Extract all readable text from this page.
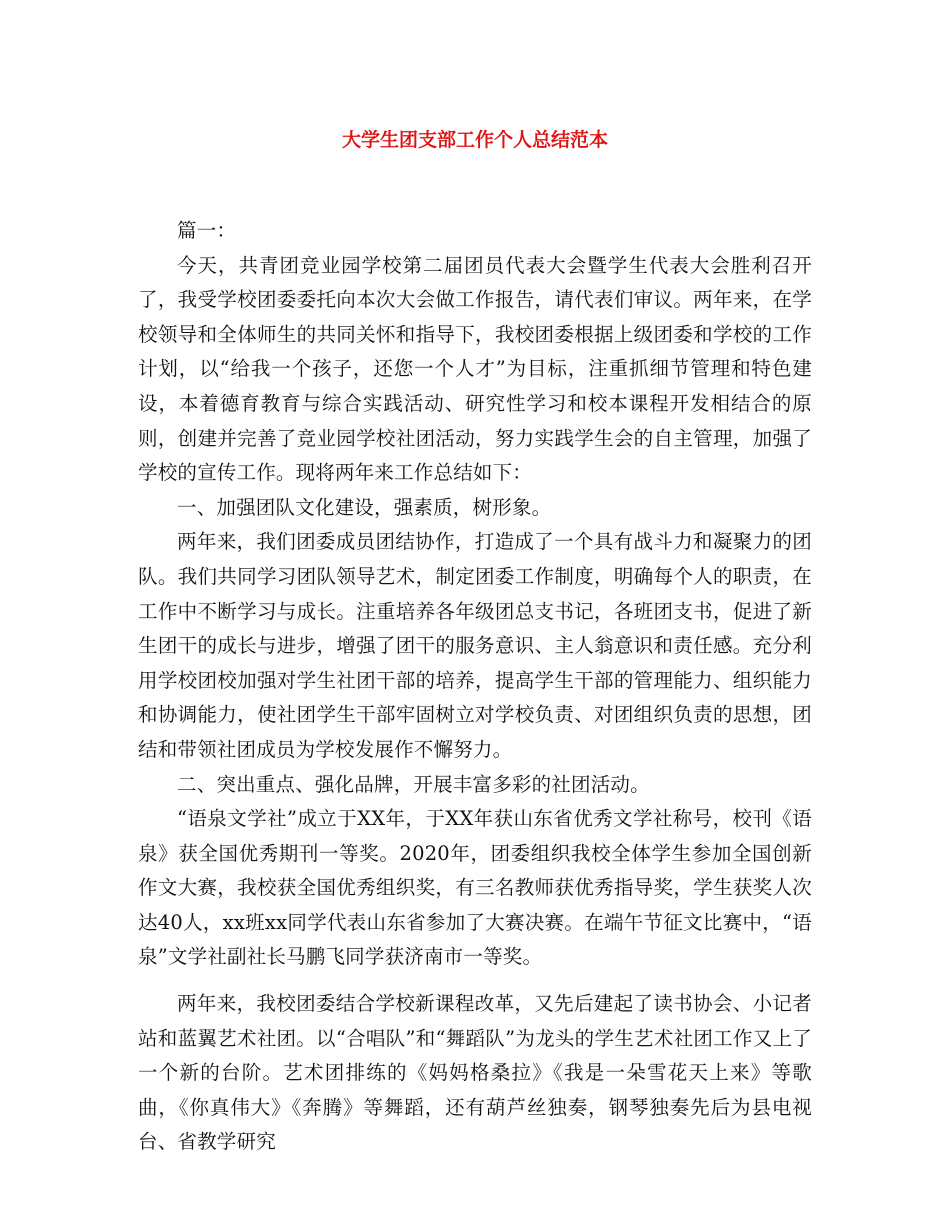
大学生团支部工作个人总结范本

篇一：

今天，共青团竞业园学校第二届团员代表大会暨学生代表大会胜利召开了，我受学校团委委托向本次大会做工作报告，请代表们审议。两年来，在学校领导和全体师生的共同关怀和指导下，我校团委根据上级团委和学校的工作计划，以“给我一个孩子，还您一个人才”为目标，注重抓细节管理和特色建设，本着德育教育与综合实践活动、研究性学习和校本课程开发相结合的原则，创建并完善了竞业园学校社团活动，努力实践学生会的自主管理，加强了学校的宣传工作。现将两年来工作总结如下：

一、加强团队文化建设，强素质，树形象。

两年来，我们团委成员团结协作，打造成了一个具有战斗力和凝聚力的团队。我们共同学习团队领导艺术，制定团委工作制度，明确每个人的职责，在工作中不断学习与成长。注重培养各年级团总支书记，各班团支书，促进了新生团干的成长与进步，增强了团干的服务意识、主人翁意识和责任感。充分利用学校团校加强对学生社团干部的培养，提高学生干部的管理能力、组织能力和协调能力，使社团学生干部牢固树立对学校负责、对团组织负责的思想，团结和带领社团成员为学校发展作不懈努力。

二、突出重点、强化品牌，开展丰富多彩的社团活动。

“语泉文学社”成立于XX年，于XX年获山东省优秀文学社称号，校刊《语泉》获全国优秀期刊一等奖。2020年，团委组织我校全体学生参加全国创新作文大赛，我校获全国优秀组织奖，有三名教师获优秀指导奖，学生获奖人次达40人，xx班xx同学代表山东省参加了大赛决赛。在端午节征文比赛中，“语泉”文学社副社长马鹏飞同学获济南市一等奖。

两年来，我校团委结合学校新课程改革，又先后建起了读书协会、小记者站和蓝翼艺术社团。以“合唱队”和“舞蹈队”为龙头的学生艺术社团工作又上了一个新的台阶。艺术团排练的《妈妈格桑拉》《我是一朵雪花天上来》等歌曲，《你真伟大》《奔腾》等舞蹈，还有葫芦丝独奏，钢琴独奏先后为县电视台、省教学研究
